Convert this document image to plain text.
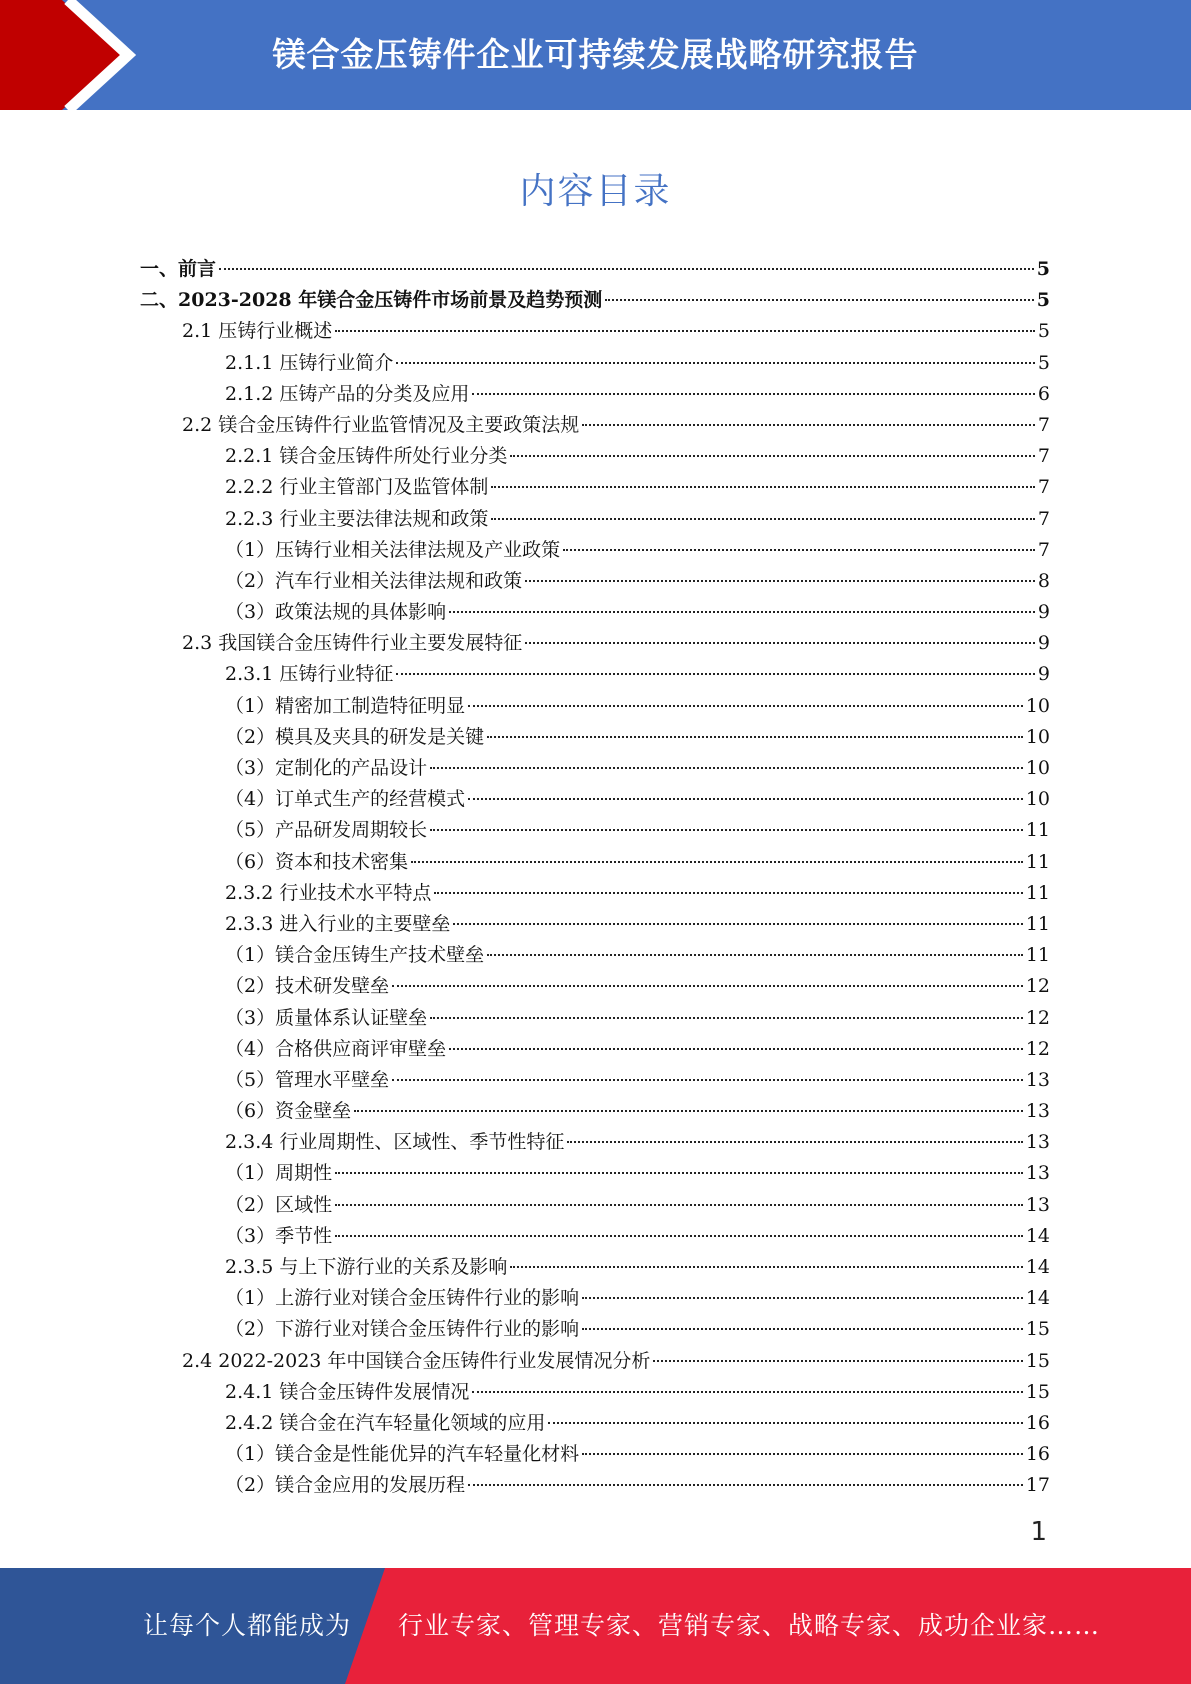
镁合金压铸件企业可持续发展战略研究报告
内容目录
一、前言	5
二、2023-2028 年镁合金压铸件市场前景及趋势预测	5
2.1 压铸行业概述	5
2.1.1 压铸行业简介	5
2.1.2 压铸产品的分类及应用	6
2.2 镁合金压铸件行业监管情况及主要政策法规	7
2.2.1 镁合金压铸件所处行业分类	7
2.2.2 行业主管部门及监管体制	7
2.2.3 行业主要法律法规和政策	7
（1）压铸行业相关法律法规及产业政策	7
（2）汽车行业相关法律法规和政策	8
（3）政策法规的具体影响	9
2.3 我国镁合金压铸件行业主要发展特征	9
2.3.1 压铸行业特征	9
（1）精密加工制造特征明显	10
（2）模具及夹具的研发是关键	10
（3）定制化的产品设计	10
（4）订单式生产的经营模式	10
（5）产品研发周期较长	11
（6）资本和技术密集	11
2.3.2 行业技术水平特点	11
2.3.3 进入行业的主要壁垒	11
（1）镁合金压铸生产技术壁垒	11
（2）技术研发壁垒	12
（3）质量体系认证壁垒	12
（4）合格供应商评审壁垒	12
（5）管理水平壁垒	13
（6）资金壁垒	13
2.3.4 行业周期性、区域性、季节性特征	13
（1）周期性	13
（2）区域性	13
（3）季节性	14
2.3.5 与上下游行业的关系及影响	14
（1）上游行业对镁合金压铸件行业的影响	14
（2）下游行业对镁合金压铸件行业的影响	15
2.4 2022-2023 年中国镁合金压铸件行业发展情况分析	15
2.4.1 镁合金压铸件发展情况	15
2.4.2 镁合金在汽车轻量化领域的应用	16
（1）镁合金是性能优异的汽车轻量化材料	16
（2）镁合金应用的发展历程	17
1
让每个人都能成为 行业专家、管理专家、营销专家、战略专家、成功企业家……
